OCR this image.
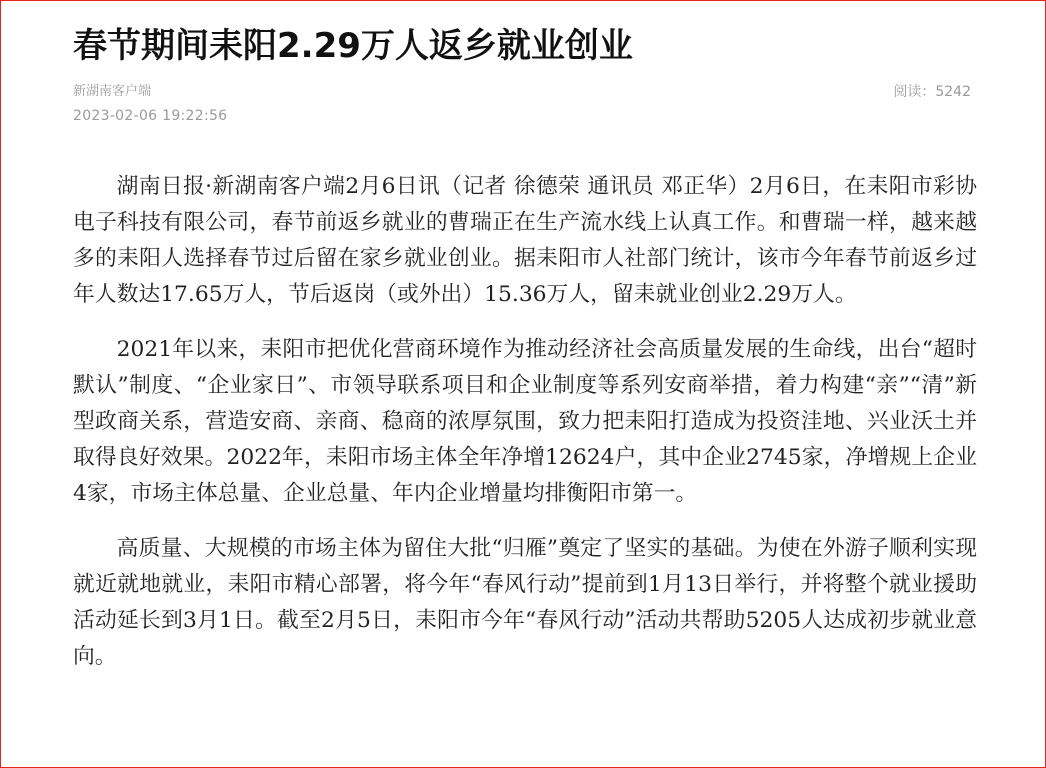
春节期间耒阳2.29万人返乡就业创业
新湖南客户端
2023-02-06 19:22:56
阅读：5242

湖南日报·新湖南客户端2月6日讯（记者 徐德荣 通讯员 邓正华）2月6日，在耒阳市彩协电子科技有限公司，春节前返乡就业的曹瑞正在生产流水线上认真工作。和曹瑞一样，越来越多的耒阳人选择春节过后留在家乡就业创业。据耒阳市人社部门统计，该市今年春节前返乡过年人数达17.65万人，节后返岗（或外出）15.36万人，留耒就业创业2.29万人。

2021年以来，耒阳市把优化营商环境作为推动经济社会高质量发展的生命线，出台“超时默认”制度、“企业家日”、市领导联系项目和企业制度等系列安商举措，着力构建“亲”“清”新型政商关系，营造安商、亲商、稳商的浓厚氛围，致力把耒阳打造成为投资洼地、兴业沃土并取得良好效果。2022年，耒阳市场主体全年净增12624户，其中企业2745家，净增规上企业4家，市场主体总量、企业总量、年内企业增量均排衡阳市第一。

高质量、大规模的市场主体为留住大批“归雁”奠定了坚实的基础。为使在外游子顺利实现就近就地就业，耒阳市精心部署，将今年“春风行动”提前到1月13日举行，并将整个就业援助活动延长到3月1日。截至2月5日，耒阳市今年“春风行动”活动共帮助5205人达成初步就业意向。
